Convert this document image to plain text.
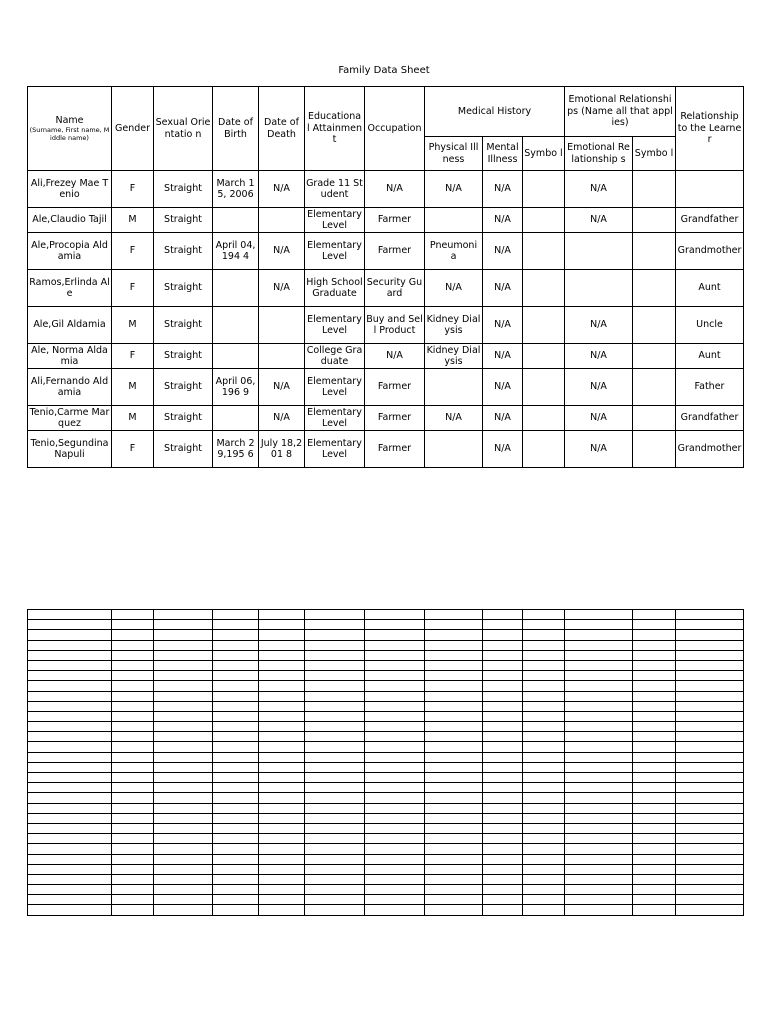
Family Data Sheet
Name
(Surname, First name, Middle name)	Gender	Sexual Orientatio n	Date of Birth	Date of Death	Educationa l Attainment	Occupation	Medical History			Emotional Relationships (Name all that applies)		Relationship to the Learner
							Physical Illness	Mental Illness	Symbo l	Emotional Relationship s	Symbo l	
Ali,Frezey Mae Tenio	F	Straight	March 15, 2006	N/A	Grade 11 Student	N/A	N/A	N/A		N/A		
Ale,Claudio Tajil	M	Straight			Elementary Level	Farmer		N/A		N/A		Grandfather
Ale,Procopia Aldamia	F	Straight	April 04,194 4	N/A	Elementary Level	Farmer	Pneumoni a	N/A				Grandmother
Ramos,Erlinda Ale	F	Straight		N/A	High School Graduate	Security Guard	N/A	N/A				Aunt
Ale,Gil Aldamia	M	Straight			Elementary Level	Buy and Sell Product	Kidney Dialysis	N/A		N/A		Uncle
Ale, Norma Aldamia	F	Straight			College Graduate	N/A	Kidney Dialysis	N/A		N/A		Aunt
Ali,Fernando Aldamia	M	Straight	April 06,196 9	N/A	Elementary Level	Farmer		N/A		N/A		Father
Tenio,Carme Marquez	M	Straight		N/A	Elementary Level	Farmer	N/A	N/A		N/A		Grandfather
Tenio,Segundina Napuli	F	Straight	March 29,195 6	July 18,201 8	Elementary Level	Farmer		N/A		N/A		Grandmother
